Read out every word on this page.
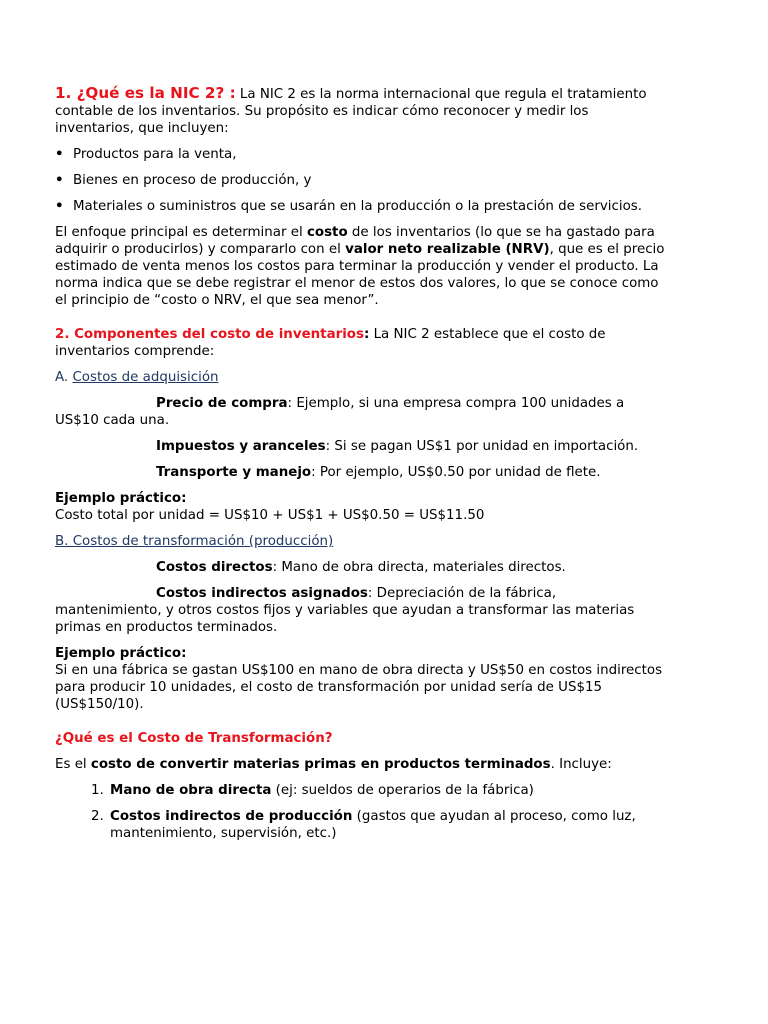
1. ¿Qué es la NIC 2? : La NIC 2 es la norma internacional que regula el tratamiento contable de los inventarios. Su propósito es indicar cómo reconocer y medir los inventarios, que incluyen:

• Productos para la venta,
• Bienes en proceso de producción, y
• Materiales o suministros que se usarán en la producción o la prestación de servicios.

El enfoque principal es determinar el costo de los inventarios (lo que se ha gastado para adquirir o producirlos) y compararlo con el valor neto realizable (NRV), que es el precio estimado de venta menos los costos para terminar la producción y vender el producto. La norma indica que se debe registrar el menor de estos dos valores, lo que se conoce como el principio de “costo o NRV, el que sea menor”.

2. Componentes del costo de inventarios: La NIC 2 establece que el costo de inventarios comprende:

A. Costos de adquisición

• Precio de compra: Ejemplo, si una empresa compra 100 unidades a US$10 cada una.
• Impuestos y aranceles: Si se pagan US$1 por unidad en importación.
• Transporte y manejo: Por ejemplo, US$0.50 por unidad de flete.

Ejemplo práctico:

Costo total por unidad = US$10 + US$1 + US$0.50 = US$11.50

B. Costos de transformación (producción)

• Costos directos: Mano de obra directa, materiales directos.
• Costos indirectos asignados: Depreciación de la fábrica, mantenimiento, y otros costos fijos y variables que ayudan a transformar las materias primas en productos terminados.

Ejemplo práctico:

Si en una fábrica se gastan US$100 en mano de obra directa y US$50 en costos indirectos para producir 10 unidades, el costo de transformación por unidad sería de US$15 (US$150/10).

¿Qué es el Costo de Transformación?

Es el costo de convertir materias primas en productos terminados. Incluye:

1. Mano de obra directa (ej: sueldos de operarios de la fábrica)
2. Costos indirectos de producción (gastos que ayudan al proceso, como luz, mantenimiento, supervisión, etc.)
